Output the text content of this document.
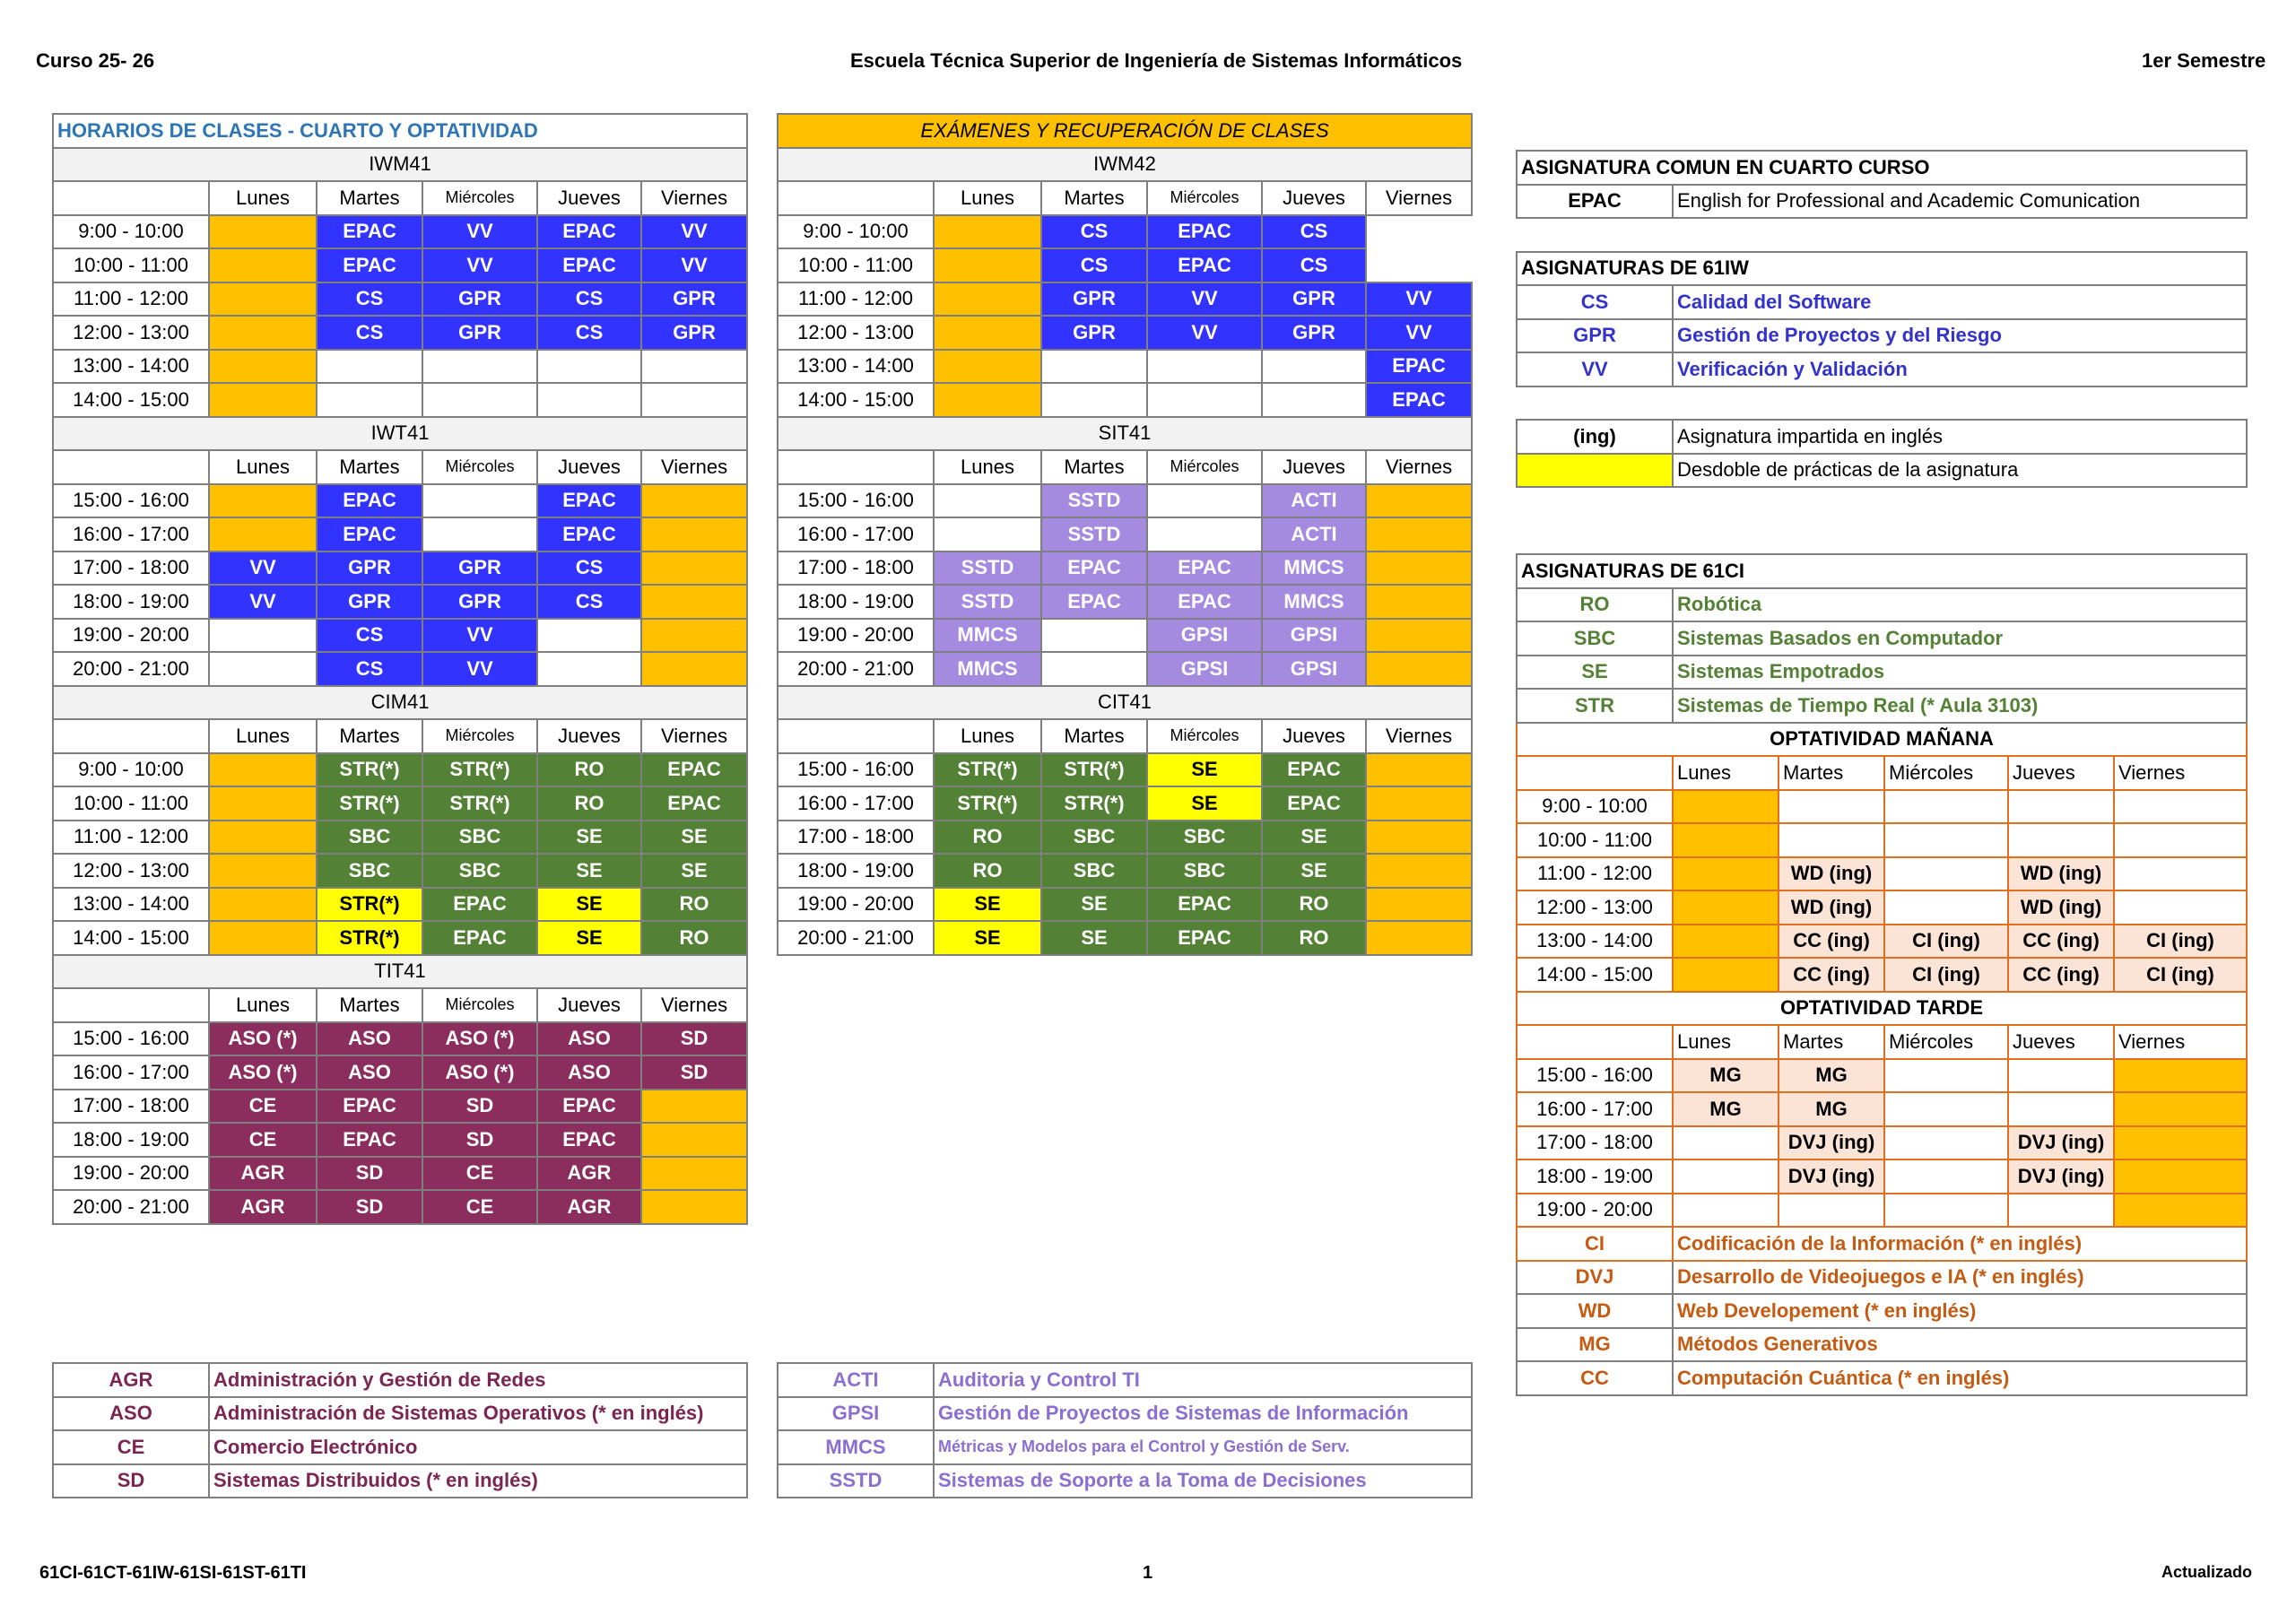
Curso 25- 26	Escuela Técnica Superior de Ingeniería de Sistemas Informáticos	1er Semestre
HORARIOS DE CLASES - CUARTO Y OPTATIVIDAD					
IWM41					
	Lunes	Martes	Miércoles	Jueves	Viernes
9:00 - 10:00		EPAC	VV	EPAC	VV
10:00 - 11:00		EPAC	VV	EPAC	VV
11:00 - 12:00		CS	GPR	CS	GPR
12:00 - 13:00		CS	GPR	CS	GPR
13:00 - 14:00					
14:00 - 15:00					
IWT41					
	Lunes	Martes	Miércoles	Jueves	Viernes
15:00 - 16:00		EPAC		EPAC	
16:00 - 17:00		EPAC		EPAC	
17:00 - 18:00	VV	GPR	GPR	CS	
18:00 - 19:00	VV	GPR	GPR	CS	
19:00 - 20:00		CS	VV		
20:00 - 21:00		CS	VV		
CIM41					
	Lunes	Martes	Miércoles	Jueves	Viernes
9:00 - 10:00		STR(*)	STR(*)	RO	EPAC
10:00 - 11:00		STR(*)	STR(*)	RO	EPAC
11:00 - 12:00		SBC	SBC	SE	SE
12:00 - 13:00		SBC	SBC	SE	SE
13:00 - 14:00		STR(*)	EPAC	SE	RO
14:00 - 15:00		STR(*)	EPAC	SE	RO
TIT41					
	Lunes	Martes	Miércoles	Jueves	Viernes
15:00 - 16:00	ASO (*)	ASO	ASO (*)	ASO	SD
16:00 - 17:00	ASO (*)	ASO	ASO (*)	ASO	SD
17:00 - 18:00	CE	EPAC	SD	EPAC	
18:00 - 19:00	CE	EPAC	SD	EPAC	
19:00 - 20:00	AGR	SD	CE	AGR	
20:00 - 21:00	AGR	SD	CE	AGR	
EXÁMENES Y RECUPERACIÓN DE CLASES					
IWM42					
	Lunes	Martes	Miércoles	Jueves	Viernes
9:00 - 10:00		CS	EPAC	CS	
10:00 - 11:00		CS	EPAC	CS	
11:00 - 12:00		GPR	VV	GPR	VV
12:00 - 13:00		GPR	VV	GPR	VV
13:00 - 14:00					EPAC
14:00 - 15:00					EPAC
SIT41					
	Lunes	Martes	Miércoles	Jueves	Viernes
15:00 - 16:00		SSTD		ACTI	
16:00 - 17:00		SSTD		ACTI	
17:00 - 18:00	SSTD	EPAC	EPAC	MMCS	
18:00 - 19:00	SSTD	EPAC	EPAC	MMCS	
19:00 - 20:00	MMCS		GPSI	GPSI	
20:00 - 21:00	MMCS		GPSI	GPSI	
CIT41					
	Lunes	Martes	Miércoles	Jueves	Viernes
15:00 - 16:00	STR(*)	STR(*)	SE	EPAC	
16:00 - 17:00	STR(*)	STR(*)	SE	EPAC	
17:00 - 18:00	RO	SBC	SBC	SE	
18:00 - 19:00	RO	SBC	SBC	SE	
19:00 - 20:00	SE	SE	EPAC	RO	
20:00 - 21:00	SE	SE	EPAC	RO	
ASIGNATURA COMUN EN CUARTO CURSO					
EPAC	English for Professional and Academic Comunication				

ASIGNATURAS DE 61IW					
CS	Calidad del Software				
GPR	Gestión de Proyectos y del Riesgo				
VV	Verificación y Validación				

(ing)	Asignatura impartida en inglés				
	Desdoble de prácticas de la asignatura				

ASIGNATURAS DE 61CI					
RO	Robótica				
SBC	Sistemas Basados en Computador				
SE	Sistemas Empotrados				
STR	Sistemas de Tiempo Real (* Aula 3103)				
OPTATIVIDAD MAÑANA					
	Lunes	Martes	Miércoles	Jueves	Viernes
9:00 - 10:00					
10:00 - 11:00					
11:00 - 12:00		WD (ing)		WD (ing)	
12:00 - 13:00		WD (ing)		WD (ing)	
13:00 - 14:00		CC (ing)	CI (ing)	CC (ing)	CI (ing)
14:00 - 15:00		CC (ing)	CI (ing)	CC (ing)	CI (ing)
OPTATIVIDAD TARDE					
	Lunes	Martes	Miércoles	Jueves	Viernes
15:00 - 16:00	MG	MG			
16:00 - 17:00	MG	MG			
17:00 - 18:00		DVJ (ing)		DVJ (ing)	
18:00 - 19:00		DVJ (ing)		DVJ (ing)	
19:00 - 20:00					
CI	Codificación de la Información (* en inglés)				
DVJ	Desarrollo de Videojuegos e IA (* en inglés)				
WD	Web Developement (* en inglés)				
MG	Métodos Generativos				
CC	Computación Cuántica (* en inglés)				
AGR	Administración y Gestión de Redes
ASO	Administración de Sistemas Operativos (* en inglés)
CE	Comercio Electrónico
SD	Sistemas Distribuidos (* en inglés)
ACTI	Auditoria y Control TI
GPSI	Gestión de Proyectos de Sistemas de Información
MMCS	Métricas y Modelos para el Control y Gestión de Serv.
SSTD	Sistemas de Soporte a la Toma de Decisiones
61CI-61CT-61IW-61SI-61ST-61TI	1	Actualizado
